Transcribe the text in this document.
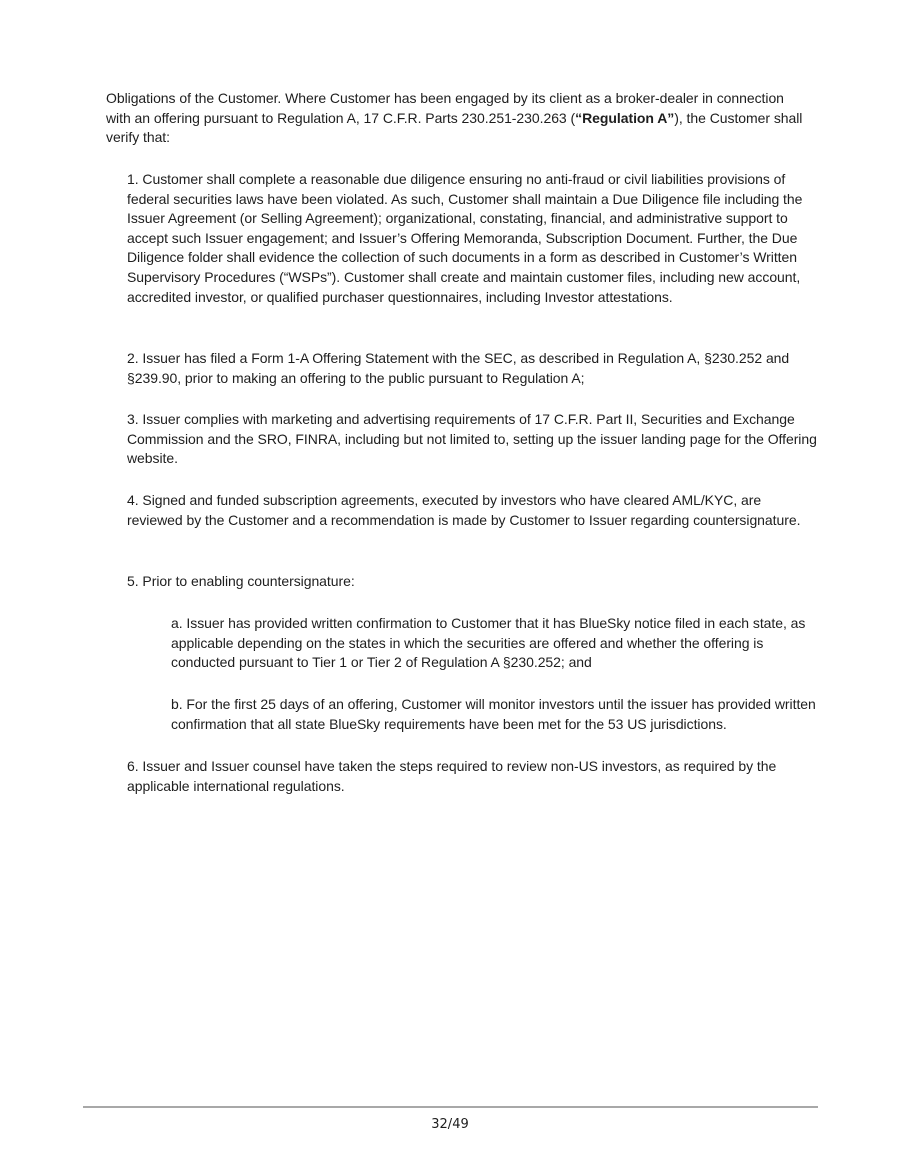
Obligations of the Customer. Where Customer has been engaged by its client as a broker-dealer in connection with an offering pursuant to Regulation A, 17 C.F.R. Parts 230.251-230.263 (“Regulation A”), the Customer shall verify that:

1. Customer shall complete a reasonable due diligence ensuring no anti-fraud or civil liabilities provisions of federal securities laws have been violated. As such, Customer shall maintain a Due Diligence file including the Issuer Agreement (or Selling Agreement); organizational, constating, financial, and administrative support to accept such Issuer engagement; and Issuer’s Offering Memoranda, Subscription Document. Further, the Due Diligence folder shall evidence the collection of such documents in a form as described in Customer’s Written Supervisory Procedures (“WSPs”). Customer shall create and maintain customer files, including new account, accredited investor, or qualified purchaser questionnaires, including Investor attestations.

2. Issuer has filed a Form 1-A Offering Statement with the SEC, as described in Regulation A, §230.252 and §239.90, prior to making an offering to the public pursuant to Regulation A;

3. Issuer complies with marketing and advertising requirements of 17 C.F.R. Part II, Securities and Exchange Commission and the SRO, FINRA, including but not limited to, setting up the issuer landing page for the Offering website.

4. Signed and funded subscription agreements, executed by investors who have cleared AML/KYC, are reviewed by the Customer and a recommendation is made by Customer to Issuer regarding countersignature.

5. Prior to enabling countersignature:

a. Issuer has provided written confirmation to Customer that it has BlueSky notice filed in each state, as applicable depending on the states in which the securities are offered and whether the offering is conducted pursuant to Tier 1 or Tier 2 of Regulation A §230.252; and

b. For the first 25 days of an offering, Customer will monitor investors until the issuer has provided written confirmation that all state BlueSky requirements have been met for the 53 US jurisdictions.

6. Issuer and Issuer counsel have taken the steps required to review non-US investors, as required by the applicable international regulations.

32/49
